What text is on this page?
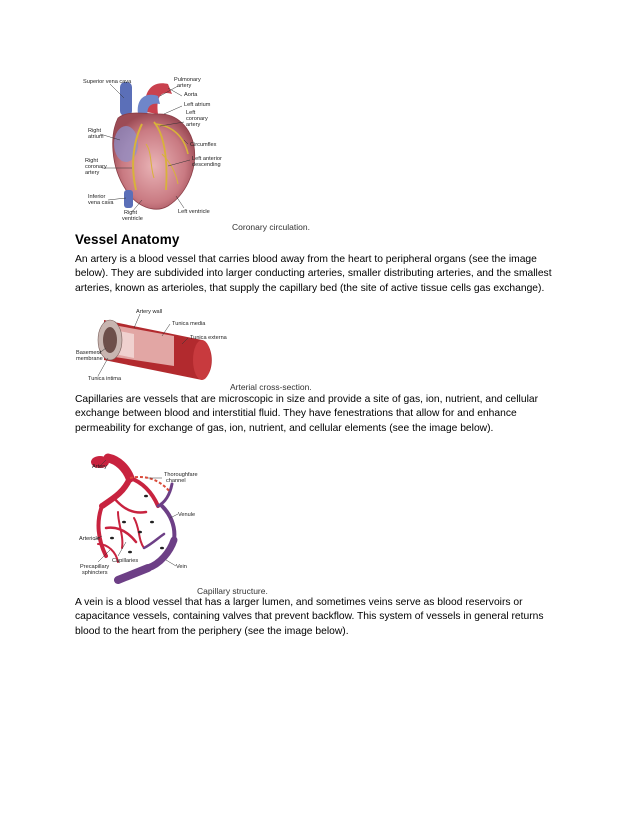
Superior vena cava	Pulmonary
artery
Aorta
Left atrium
Left
coronary
artery
Right
atrium
Circumflex
Right
coronary
artery
Left anterior
descending
Inferior
vena cava
Right
ventricle
Left ventricle
Coronary circulation.
Vessel Anatomy
An artery is a blood vessel that carries blood away from the heart to peripheral organs (see the image
below). They are subdivided into larger conducting arteries, smaller distributing arteries, and the smallest
arteries, known as arterioles, that supply the capillary bed (the site of active tissue cells gas exchange).
Artery wall
Tunica media
Tunica externa
Basement
membrane
Tunica intima
Arterial cross-section.
Capillaries are vessels that are microscopic in size and provide a site of gas, ion, nutrient, and cellular
exchange between blood and interstitial fluid. They have fenestrations that allow for and enhance
permeability for exchange of gas, ion, nutrient, and cellular elements (see the image below).
Artery
Thoroughfare
channel
Venule
Arteriole
Capillaries
Precapillary
sphincters
Vein
Capillary structure.
A vein is a blood vessel that has a larger lumen, and sometimes veins serve as blood reservoirs or
capacitance vessels, containing valves that prevent backflow. This system of vessels in general returns
blood to the heart from the periphery (see the image below).
